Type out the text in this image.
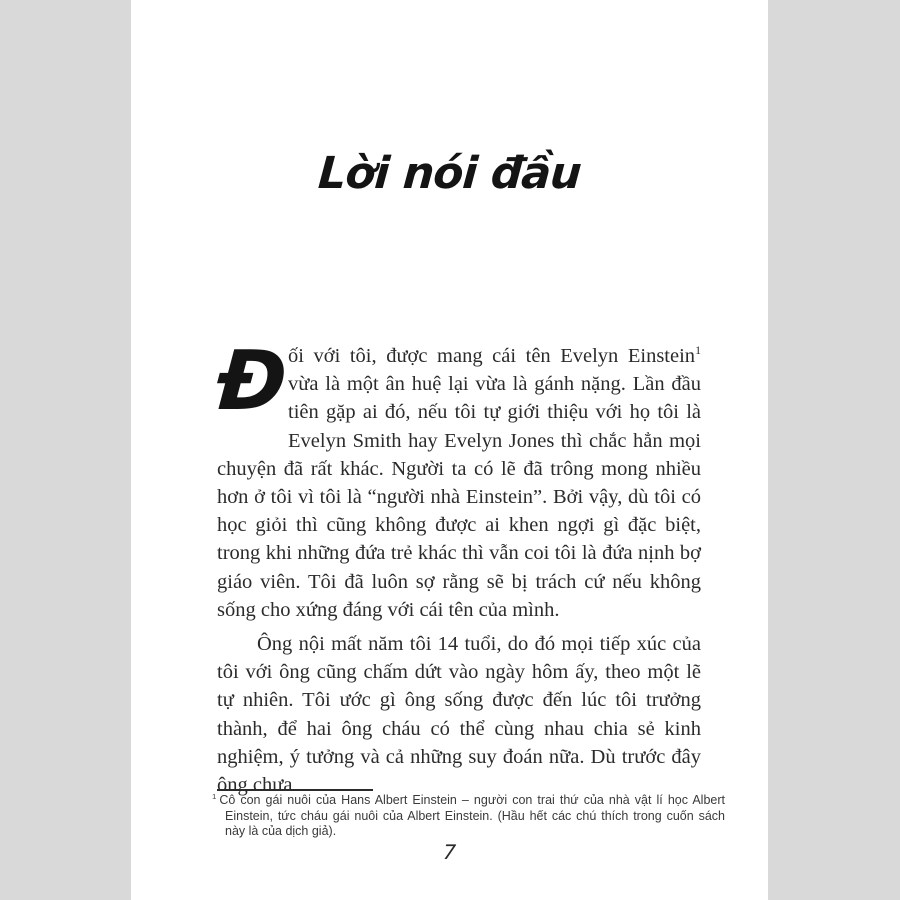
Lời nói đầu

Đ
ối với tôi, được mang cái tên Evelyn Einstein$^1$ vừa là một ân huệ lại vừa là gánh nặng. Lần đầu tiên gặp ai đó, nếu tôi tự giới thiệu với họ tôi là Evelyn Smith hay Evelyn Jones thì chắc hẳn mọi chuyện đã rất khác. Người ta có lẽ đã trông mong nhiều hơn ở tôi vì tôi là “người nhà Einstein”. Bởi vậy, dù tôi có học giỏi thì cũng không được ai khen ngợi gì đặc biệt, trong khi những đứa trẻ khác thì vẫn coi tôi là đứa nịnh bợ giáo viên. Tôi đã luôn sợ rằng sẽ bị trách cứ nếu không sống cho xứng đáng với cái tên của mình.

Ông nội mất năm tôi 14 tuổi, do đó mọi tiếp xúc của tôi với ông cũng chấm dứt vào ngày hôm ấy, theo một lẽ tự nhiên. Tôi ước gì ông sống được đến lúc tôi trưởng thành, để hai ông cháu có thể cùng nhau chia sẻ kinh nghiệm, ý tưởng và cả những suy đoán nữa. Dù trước đây ông chưa

$^1$ Cô con gái nuôi của Hans Albert Einstein – người con trai thứ của nhà vật lí học Albert Einstein, tức cháu gái nuôi của Albert Einstein. (Hầu hết các chú thích trong cuốn sách này là của dịch giả).

7
